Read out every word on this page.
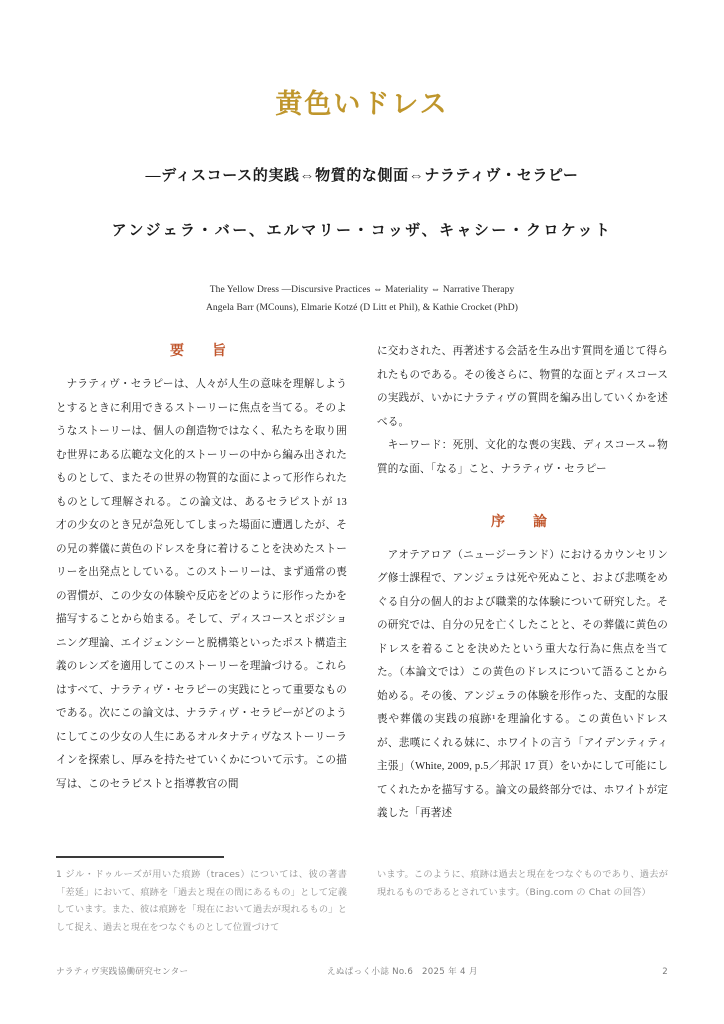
黄色いドレス
―ディスコース的実践⇔物質的な側面⇔ナラティヴ・セラピー
アンジェラ・バー、エルマリー・コッザ、キャシー・クロケット
The Yellow Dress —Discursive Practices ⇔ Materiality ⇔ Narrative Therapy
Angela Barr (MCouns), Elmarie Kotzé (D Litt et Phil), & Kathie Crocket (PhD)
要　旨

ナラティヴ・セラピーは、人々が人生の意味を理解しようとするときに利用できるストーリーに焦点を当てる。そのようなストーリーは、個人の創造物ではなく、私たちを取り囲む世界にある広範な文化的ストーリーの中から編み出されたものとして、またその世界の物質的な面によって形作られたものとして理解される。この論文は、あるセラピストが 13 才の少女のとき兄が急死してしまった場面に遭遇したが、その兄の葬儀に黄色のドレスを身に着けることを決めたストーリーを出発点としている。このストーリーは、まず通常の喪の習慣が、この少女の体験や反応をどのように形作ったかを描写することから始まる。そして、ディスコースとポジショニング理論、エイジェンシーと脱構築といったポスト構造主義のレンズを適用してこのストーリーを理論づける。これらはすべて、ナラティヴ・セラピーの実践にとって重要なものである。次にこの論文は、ナラティヴ・セラピーがどのようにしてこの少女の人生にあるオルタナティヴなストーリーラインを探索し、厚みを持たせていくかについて示す。この描写は、このセラピストと指導教官の間

に交わされた、再著述する会話を生み出す質問を通じて得られたものである。その後さらに、物質的な面とディスコースの実践が、いかにナラティヴの質問を編み出していくかを述べる。

キーワード：死別、文化的な喪の実践、ディスコース⇔物質的な面、「なる」こと、ナラティヴ・セラピー

序　論

アオテアロア（ニュージーランド）におけるカウンセリング修士課程で、アンジェラは死や死ぬこと、および悲嘆をめぐる自分の個人的および職業的な体験について研究した。その研究では、自分の兄を亡くしたことと、その葬儀に黄色のドレスを着ることを決めたという重大な行為に焦点を当てた。（本論文では）この黄色のドレスについて語ることから始める。その後、アンジェラの体験を形作った、支配的な服喪や葬儀の実践の痕跡¹を理論化する。この黄色いドレスが、悲嘆にくれる妹に、ホワイトの言う「アイデンティティ主張」（White, 2009, p.5／邦訳 17 頁）をいかにして可能にしてくれたかを描写する。論文の最終部分では、ホワイトが定義した「再著述

1 ジル・ドゥルーズが用いた痕跡（traces）については、彼の著書「差延」において、痕跡を「過去と現在の間にあるもの」として定義しています。また、彼は痕跡を「現在において過去が現れるもの」として捉え、過去と現在をつなぐものとして位置づけて

います。このように、痕跡は過去と現在をつなぐものであり、過去が現れるものであるとされています。（Bing.com の Chat の回答）

ナラティヴ実践協働研究センター	えぬぱっく小誌 No.6　2025 年 4 月	2
